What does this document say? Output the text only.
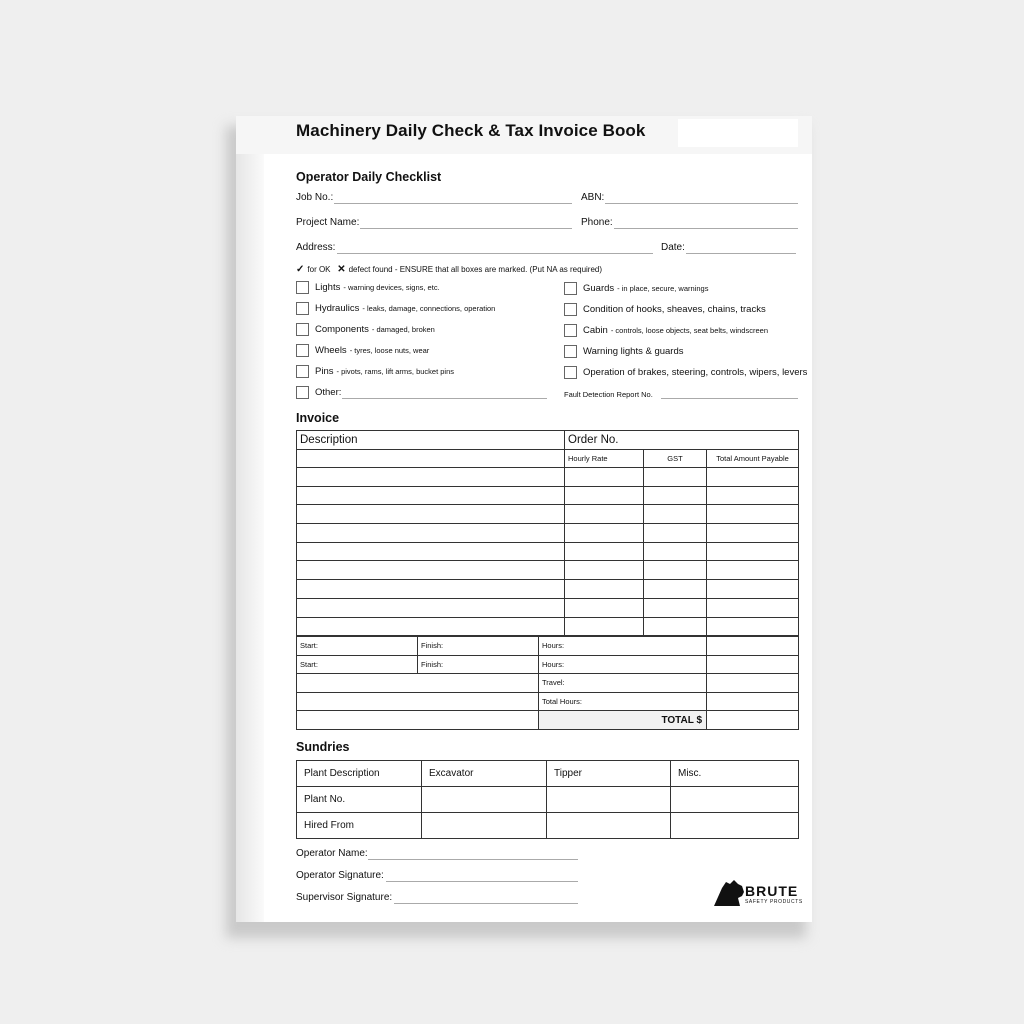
Machinery Daily Check & Tax Invoice Book
Operator Daily Checklist
Job No.:	ABN:
Project Name:	Phone:
Address:	Date:
✓ for OK ✕ defect found - ENSURE that all boxes are marked. (Put NA as required)
Lights - warning devices, signs, etc.
Hydraulics - leaks, damage, connections, operation
Components - damaged, broken
Wheels - tyres, loose nuts, wear
Pins - pivots, rams, lift arms, bucket pins
Other:
Guards - in place, secure, warnings
Condition of hooks, sheaves, chains, tracks
Cabin - controls, loose objects, seat belts, windscreen
Warning lights & guards
Operation of brakes, steering, controls, wipers, levers
Fault Detection Report No.
Invoice
Description	Order No.		
	Hourly Rate	GST	Total Amount Payable

Start:	Finish:	Hours:	
Start:	Finish:	Hours:	
		Travel:	
		Total Hours:	
		TOTAL $	
Sundries
Plant Description	Excavator	Tipper	Misc.
Plant No.			
Hired From			
Operator Name:
Operator Signature:
Supervisor Signature:	BRUTE
SAFETY PRODUCTS
